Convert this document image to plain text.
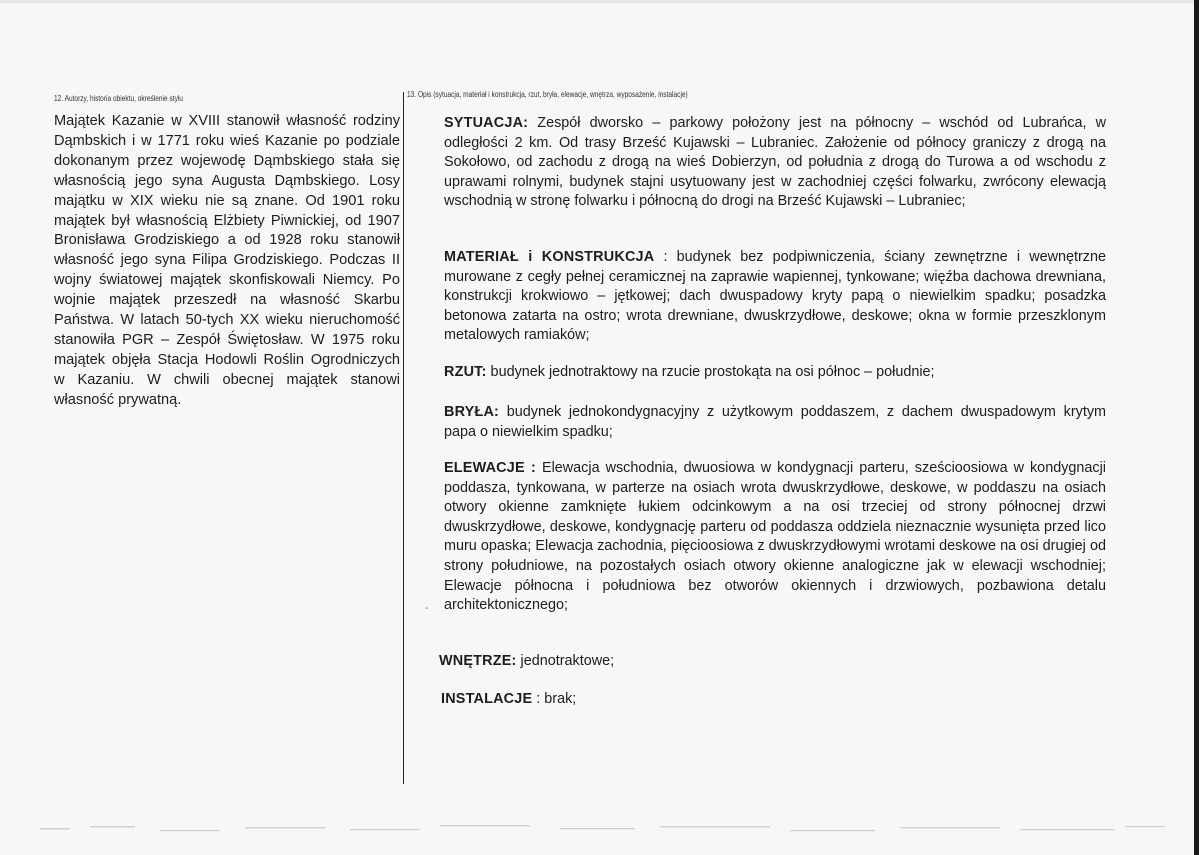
12. Autorzy, historia obiektu, określenie stylu	13. Opis (sytuacja, materiał i konstrukcja, rzut, bryła, elewacje, wnętrza, wyposażenie, instalacje)
Majątek Kazanie w XVIII stanowił własność rodziny Dąmbskich i w 1771 roku wieś Kazanie po podziale dokonanym przez wojewodę Dąmbskiego stała się własnością jego syna Augusta Dąmbskiego. Losy majątku w XIX wieku nie są znane. Od 1901 roku majątek był własnością Elżbiety Piwnickiej, od 1907 Bronisława Grodziskiego a od 1928 roku stanowił własność jego syna Filipa Grodziskiego. Podczas II wojny światowej majątek skonfiskowali Niemcy. Po wojnie majątek przeszedł na własność Skarbu Państwa. W latach 50-tych XX wieku nieruchomość stanowiła PGR – Zespół Świętosław. W 1975 roku majątek objęła Stacja Hodowli Roślin Ogrodniczych w Kazaniu. W chwili obecnej majątek stanowi własność prywatną.
SYTUACJA: Zespół dworsko – parkowy położony jest na północny – wschód od Lubrańca, w odległości 2 km. Od trasy Brześć Kujawski – Lubraniec. Założenie od północy graniczy z drogą na Sokołowo, od zachodu z drogą na wieś Dobierzyn, od południa z drogą do Turowa a od wschodu z uprawami rolnymi, budynek stajni usytuowany jest w zachodniej części folwarku, zwrócony elewacją wschodnią w stronę folwarku i północną do drogi na Brześć Kujawski – Lubraniec;
MATERIAŁ i KONSTRUKCJA : budynek bez podpiwniczenia, ściany zewnętrzne i wewnętrzne murowane z cegły pełnej ceramicznej na zaprawie wapiennej, tynkowane; więźba dachowa drewniana, konstrukcji krokwiowo – jętkowej; dach dwuspadowy kryty papą o niewielkim spadku; posadzka betonowa zatarta na ostro; wrota drewniane, dwuskrzydłowe, deskowe; okna w formie przeszklonym metalowych ramiaków;
RZUT: budynek jednotraktowy na rzucie prostokąta na osi północ – południe;
BRYŁA: budynek jednokondygnacyjny z użytkowym poddaszem, z dachem dwuspadowym krytym papa o niewielkim spadku;
ELEWACJE : Elewacja wschodnia, dwuosiowa w kondygnacji parteru, sześcioosiowa w kondygnacji poddasza, tynkowana, w parterze na osiach wrota dwuskrzydłowe, deskowe, w poddaszu na osiach otwory okienne zamknięte łukiem odcinkowym a na osi trzeciej od strony północnej drzwi dwuskrzydłowe, deskowe, kondygnację parteru od poddasza oddziela nieznacznie wysunięta przed lico muru opaska; Elewacja zachodnia, pięcioosiowa z dwuskrzydłowymi wrotami deskowe na osi drugiej od strony południowe, na pozostałych osiach otwory okienne analogiczne jak w elewacji wschodniej; Elewacje północna i południowa bez otworów okiennych i drzwiowych, pozbawiona detalu architektonicznego;
-
WNĘTRZE: jednotraktowe;
INSTALACJE : brak;
